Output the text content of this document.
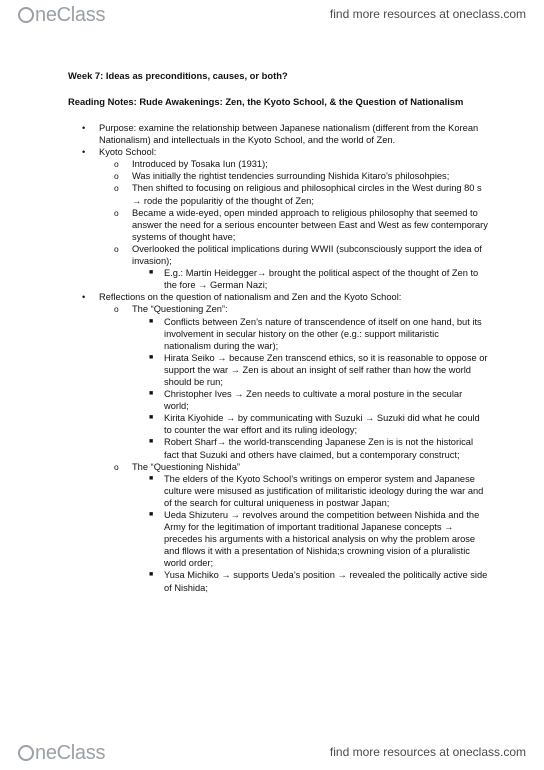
neClass	find more resources at oneclass.com
Week 7: Ideas as preconditions, causes, or both?
Reading Notes: Rude Awakenings: Zen, the Kyoto School, & the Question of Nationalism
• Purpose: examine the relationship between Japanese nationalism (different from the Korean Nationalism) and intellectuals in the Kyoto School, and the world of Zen.
• Kyoto School:
o Introduced by Tosaka Iun (1931);
o Was initially the rightist tendencies surrounding Nishida Kitaro’s philosohpies;
o Then shifted to focusing on religious and philosophical circles in the West during 80 s → rode the popularitiy of the thought of Zen;
o Became a wide-eyed, open minded approach to religious philosophy that seemed to answer the need for a serious encounter between East and West as few contemporary systems of thought have;
o Overlooked the political implications during WWII (subconsciously support the idea of invasion);
■ E.g.: Martin Heidegger→ brought the political aspect of the thought of Zen to the fore → German Nazi;
• Reflections on the question of nationalism and Zen and the Kyoto School:
o The “Questioning Zen”:
■ Conflicts between Zen’s nature of transcendence of itself on one hand, but its involvement in secular history on the other (e.g.: support militaristic nationalism during the war);
■ Hirata Seiko → because Zen transcend ethics, so it is reasonable to oppose or support the war → Zen is about an insight of self rather than how the world should be run;
■ Christopher Ives → Zen needs to cultivate a moral posture in the secular world;
■ Kirita Kiyohide → by communicating with Suzuki → Suzuki did what he could to counter the war effort and its ruling ideology;
■ Robert Sharf→ the world-transcending Japanese Zen is is not the historical fact that Suzuki and others have claimed, but a contemporary construct;
o The “Questioning Nishida”
■ The elders of the Kyoto School’s writings on emperor system and Japanese culture were misused as justification of militaristic ideology during the war and of the search for cultural uniqueness in postwar Japan;
■ Ueda Shizuteru → revolves around the competition between Nishida and the Army for the legitimation of important traditional Japanese concepts → precedes his arguments with a historical analysis on why the problem arose and fllows it with a presentation of Nishida;s crowning vision of a pluralistic world order;
■ Yusa Michiko → supports Ueda’s position → revealed the politically active side of Nishida;
neClass	find more resources at oneclass.com
